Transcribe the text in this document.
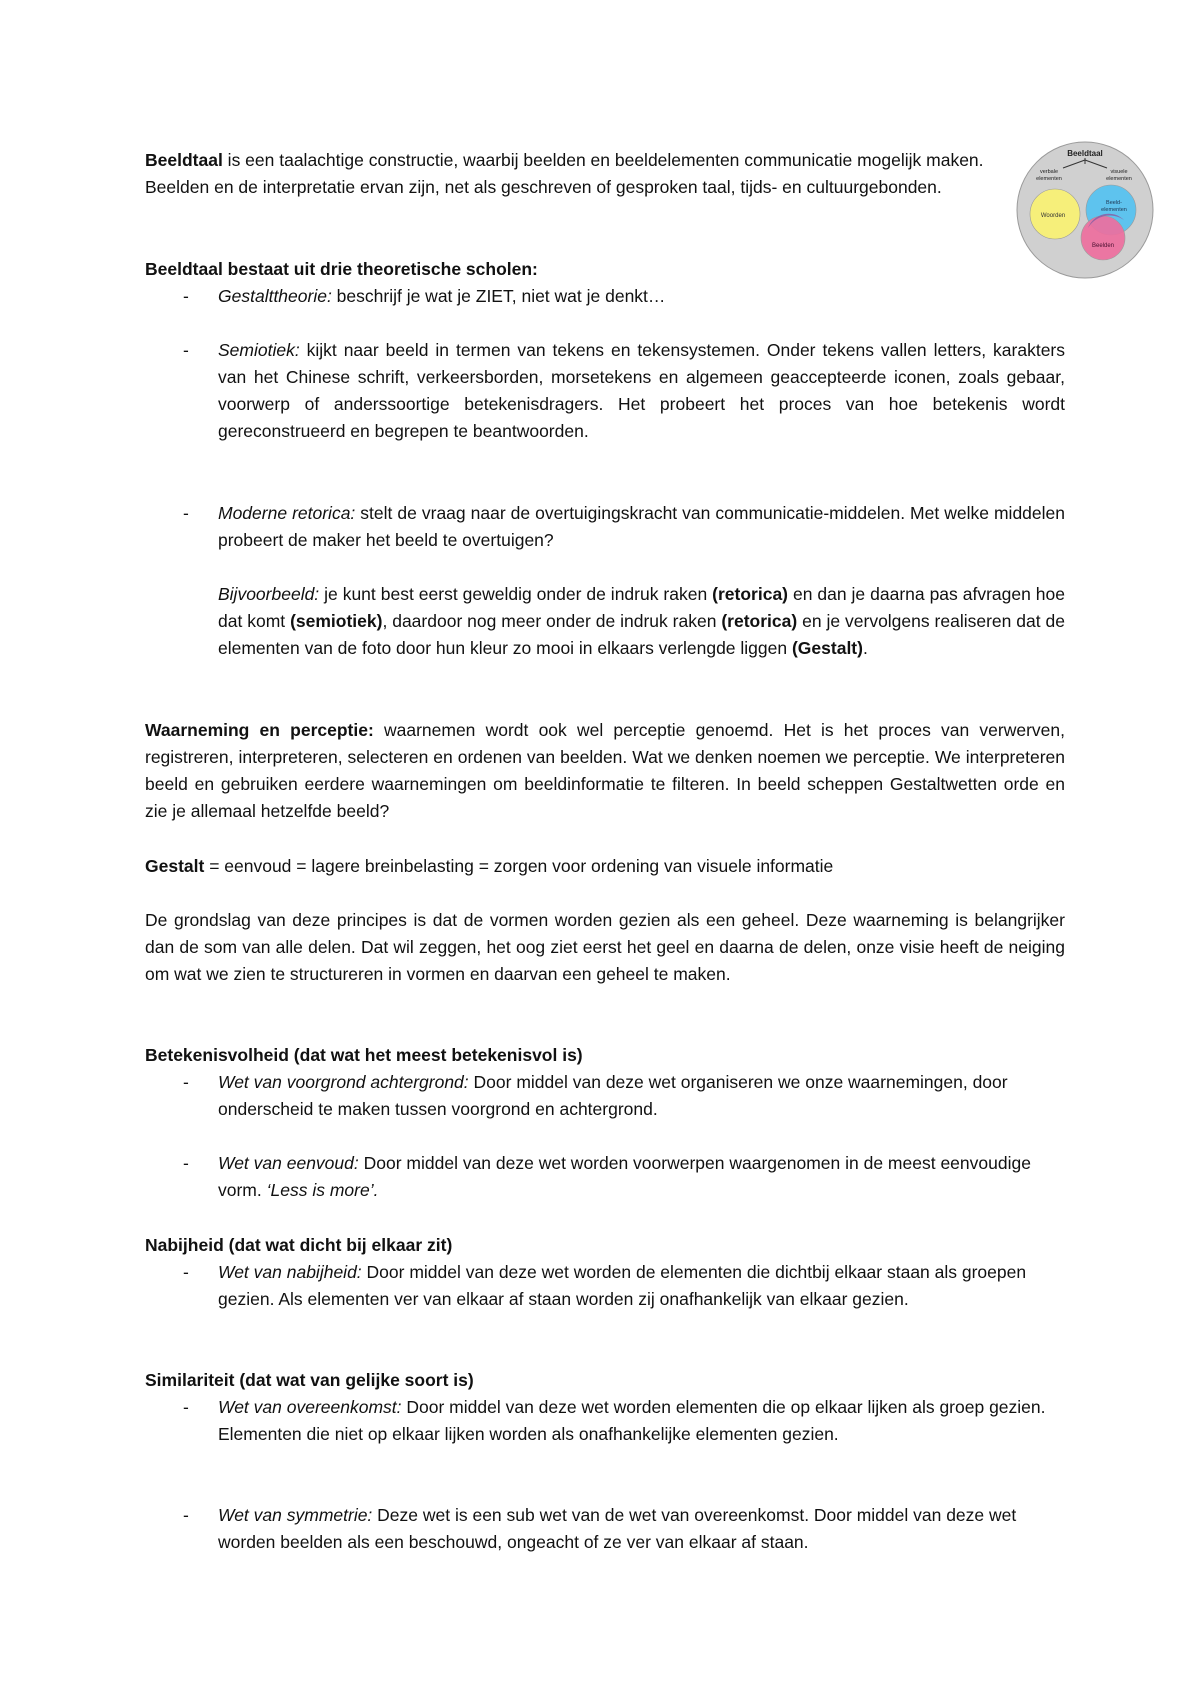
Beeldtaal is een taalachtige constructie, waarbij beelden en beeldelementen communicatie mogelijk maken. Beelden en de interpretatie ervan zijn, net als geschreven of gesproken taal, tijds- en cultuurgebonden.

Beeldtaal
verbale
elementen
visuele
elementen
Woorden
Beeld-
elementen
Beelden
Beeldtaal bestaat uit drie theoretische scholen:
- Gestalttheorie: beschrijf je wat je ZIET, niet wat je denkt…
- Semiotiek: kijkt naar beeld in termen van tekens en tekensystemen. Onder tekens vallen letters, karakters van het Chinese schrift, verkeersborden, morsetekens en algemeen geaccepteerde iconen, zoals gebaar, voorwerp of anderssoortige betekenisdragers. Het probeert het proces van hoe betekenis wordt gereconstrueerd en begrepen te beantwoorden.
- Moderne retorica: stelt de vraag naar de overtuigingskracht van communicatie-middelen. Met welke middelen probeert de maker het beeld te overtuigen?
Bijvoorbeeld: je kunt best eerst geweldig onder de indruk raken (retorica) en dan je daarna pas afvragen hoe dat komt (semiotiek), daardoor nog meer onder de indruk raken (retorica) en je vervolgens realiseren dat de elementen van de foto door hun kleur zo mooi in elkaars verlengde liggen (Gestalt).

Waarneming en perceptie: waarnemen wordt ook wel perceptie genoemd. Het is het proces van verwerven, registreren, interpreteren, selecteren en ordenen van beelden. Wat we denken noemen we perceptie. We interpreteren beeld en gebruiken eerdere waarnemingen om beeldinformatie te filteren. In beeld scheppen Gestaltwetten orde en zie je allemaal hetzelfde beeld?

Gestalt = eenvoud = lagere breinbelasting = zorgen voor ordening van visuele informatie

De grondslag van deze principes is dat de vormen worden gezien als een geheel. Deze waarneming is belangrijker dan de som van alle delen. Dat wil zeggen, het oog ziet eerst het geel en daarna de delen, onze visie heeft de neiging om wat we zien te structureren in vormen en daarvan een geheel te maken.

Betekenisvolheid (dat wat het meest betekenisvol is)
- Wet van voorgrond achtergrond: Door middel van deze wet organiseren we onze waarnemingen, door onderscheid te maken tussen voorgrond en achtergrond.
- Wet van eenvoud: Door middel van deze wet worden voorwerpen waargenomen in de meest eenvoudige vorm. ‘Less is more’.
Nabijheid (dat wat dicht bij elkaar zit)
- Wet van nabijheid: Door middel van deze wet worden de elementen die dichtbij elkaar staan als groepen gezien. Als elementen ver van elkaar af staan worden zij onafhankelijk van elkaar gezien.
Similariteit (dat wat van gelijke soort is)
- Wet van overeenkomst: Door middel van deze wet worden elementen die op elkaar lijken als groep gezien. Elementen die niet op elkaar lijken worden als onafhankelijke elementen gezien.
- Wet van symmetrie: Deze wet is een sub wet van de wet van overeenkomst. Door middel van deze wet worden beelden als een beschouwd, ongeacht of ze ver van elkaar af staan.
